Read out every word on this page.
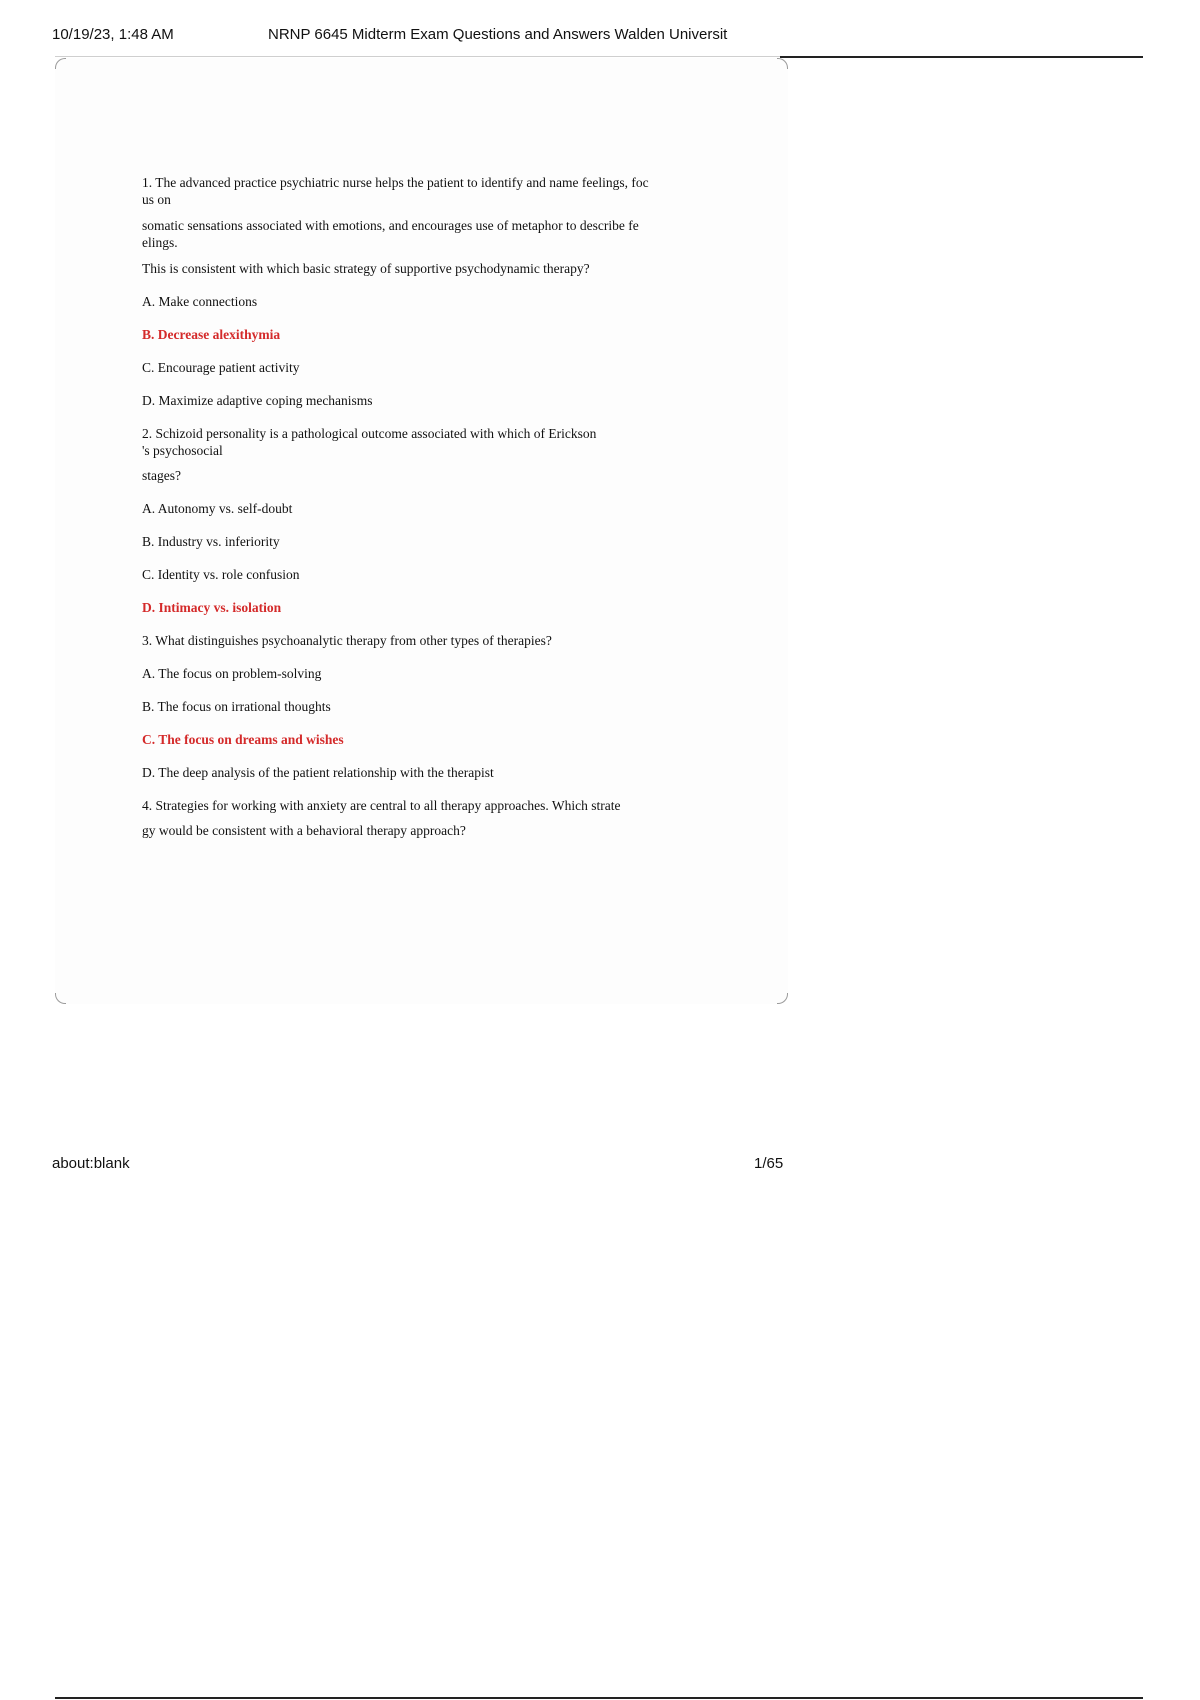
10/19/23, 1:48 AM	NRNP 6645 Midterm Exam Questions and Answers Walden Universit

1. The advanced practice psychiatric nurse helps the patient to identify and name feelings, foc

us on

somatic sensations associated with emotions, and encourages use of metaphor to describe fe

elings.

This is consistent with which basic strategy of supportive psychodynamic therapy?

A. Make connections

B. Decrease alexithymia

C. Encourage patient activity

D. Maximize adaptive coping mechanisms

2. Schizoid personality is a pathological outcome associated with which of Erickson

's psychosocial

stages?

A. Autonomy vs. self-doubt

B. Industry vs. inferiority

C. Identity vs. role confusion

D. Intimacy vs. isolation

3. What distinguishes psychoanalytic therapy from other types of therapies?

A. The focus on problem-solving

B. The focus on irrational thoughts

C. The focus on dreams and wishes

D. The deep analysis of the patient relationship with the therapist

4. Strategies for working with anxiety are central to all therapy approaches. Which strate

gy would be consistent with a behavioral therapy approach?

about:blank	1/65
